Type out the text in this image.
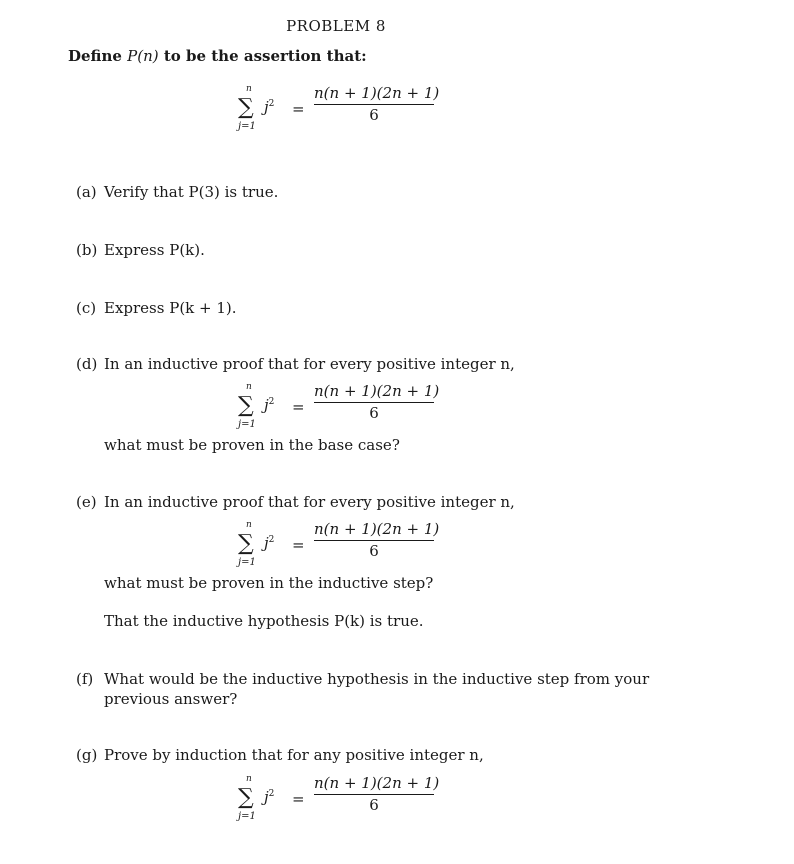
PROBLEM 8
Define P(n) to be the assertion that:
∑
n
j=1
$j^2$ =
n(n + 1)(2n + 1)
6
(a) Verify that P(3) is true.
(b) Express P(k).
(c) Express P(k + 1).
(d) In an inductive proof that for every positive integer n,
∑
n
j=1
$j^2$ =
n(n + 1)(2n + 1)
6
what must be proven in the base case?
(e) In an inductive proof that for every positive integer n,
∑
n
j=1
$j^2$ =
n(n + 1)(2n + 1)
6
what must be proven in the inductive step?
That the inductive hypothesis P(k) is true.
(f) What would be the inductive hypothesis in the inductive step from your
previous answer?
(g) Prove by induction that for any positive integer n,
∑
n
j=1
$j^2$ =
n(n + 1)(2n + 1)
6
